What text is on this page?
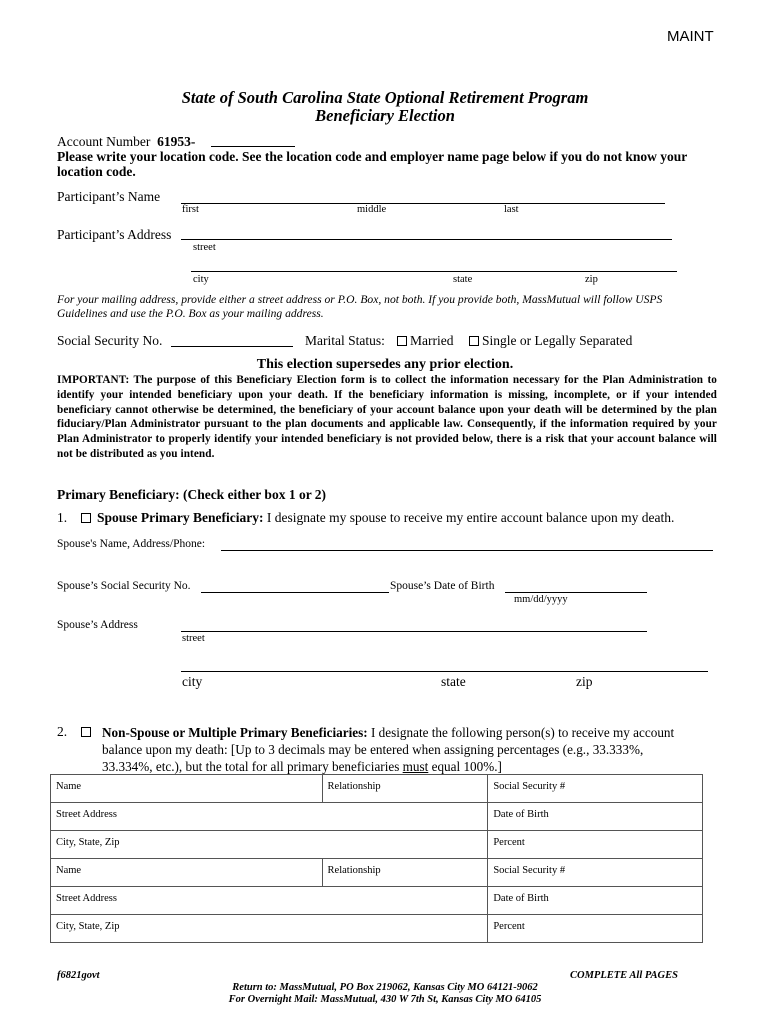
MAINT
State of South Carolina State Optional Retirement Program
Beneficiary Election
Account Number 61953-
Please write your location code. See the location code and employer name page below if you do not know your location code.
Participant’s Name
first	middle	last
Participant’s Address
street
city	state	zip
For your mailing address, provide either a street address or P.O. Box, not both. If you provide both, MassMutual will follow USPS Guidelines and use the P.O. Box as your mailing address.
Social Security No.	Marital Status:	Married	Single or Legally Separated
This election supersedes any prior election.
IMPORTANT: The purpose of this Beneficiary Election form is to collect the information necessary for the Plan Administration to identify your intended beneficiary upon your death. If the beneficiary information is missing, incomplete, or if your intended beneficiary cannot otherwise be determined, the beneficiary of your account balance upon your death will be determined by the plan fiduciary/Plan Administrator pursuant to the plan documents and applicable law. Consequently, if the information required by your Plan Administrator to properly identify your intended beneficiary is not provided below, there is a risk that your account balance will not be distributed as you intend.
Primary Beneficiary: (Check either box 1 or 2)
1. Spouse Primary Beneficiary: I designate my spouse to receive my entire account balance upon my death.
Spouse's Name, Address/Phone:
Spouse’s Social Security No.	Spouse’s Date of Birth
mm/dd/yyyy
Spouse’s Address
street
city	state	zip
2.	Non-Spouse or Multiple Primary Beneficiaries: I designate the following person(s) to receive my account
balance upon my death: [Up to 3 decimals may be entered when assigning percentages (e.g., 33.333%,
33.334%, etc.), but the total for all primary beneficiaries must equal 100%.]
Name	Relationship	Social Security #
Street Address		Date of Birth
City, State, Zip		Percent
Name	Relationship	Social Security #
Street Address		Date of Birth
City, State, Zip		Percent
f6821govt	COMPLETE All PAGES
Return to: MassMutual, PO Box 219062, Kansas City MO 64121-9062
For Overnight Mail: MassMutual, 430 W 7th St, Kansas City MO 64105
